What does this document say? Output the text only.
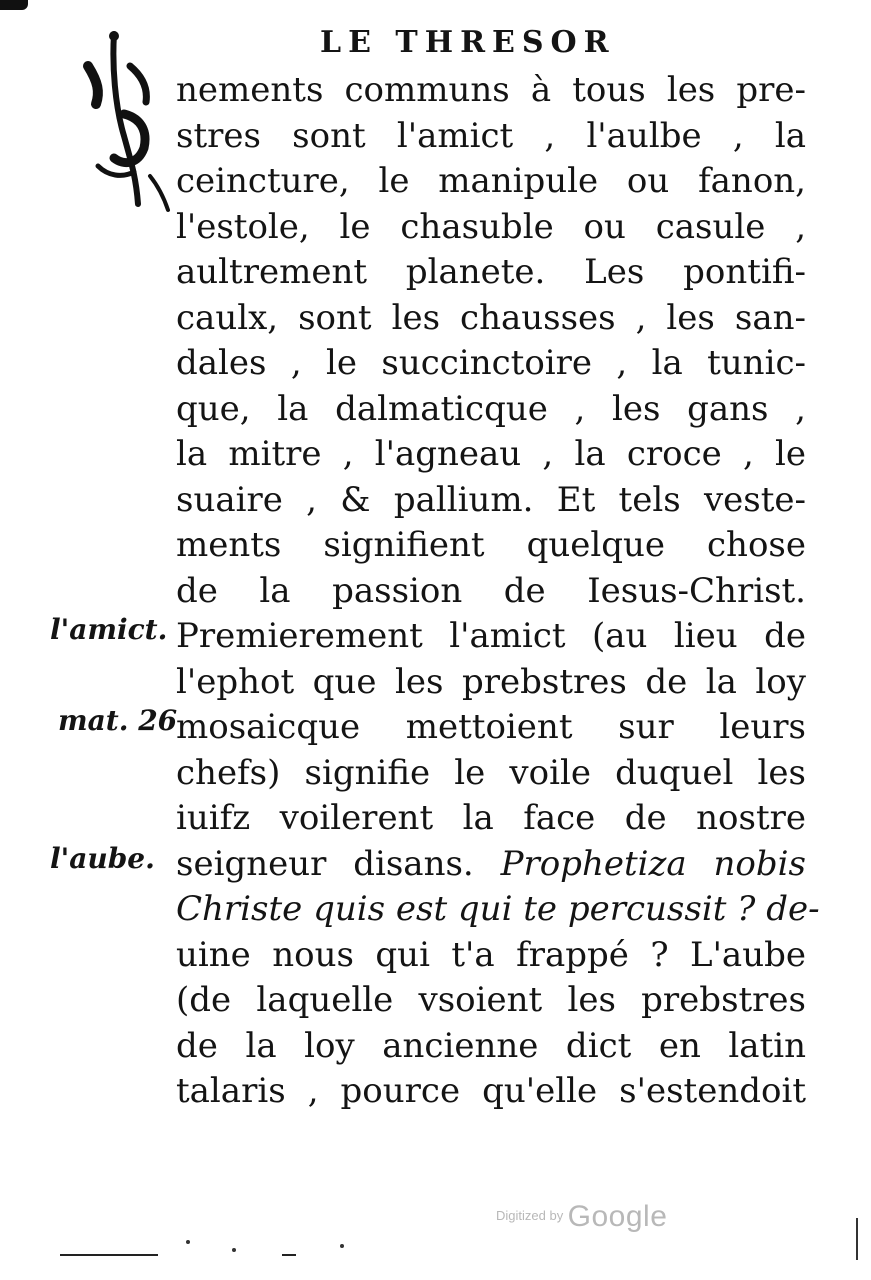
LE THRESOR
nements communs à tous les pre-
stres sont l'amict , l'aulbe , la
ceincture, le manipule ou fanon,
l'estole, le chasuble ou casule ,
aultrement planete. Les pontifi-
caulx, sont les chausses , les san-
dales , le succinctoire , la tunic-
que, la dalmaticque , les gans ,
la mitre , l'agneau , la croce , le
suaire , & pallium. Et tels veste-
ments signifient quelque chose
de la passion de Iesus-Christ.
Premierement l'amict (au lieu de
l'ephot que les prebstres de la loy
mosaicque mettoient sur leurs
chefs) signifie le voile duquel les
iuifz voilerent la face de nostre
seigneur disans. Prophetiza nobis
Christe quis est qui te percussit ? de-
uine nous qui t'a frappé ? L'aube
(de laquelle vsoient les prebstres
de la loy ancienne dict en latin
talaris , pource qu'elle s'estendoit
l'amict.
mat. 26
l'aube.
$^{Digitized by}$ Google
